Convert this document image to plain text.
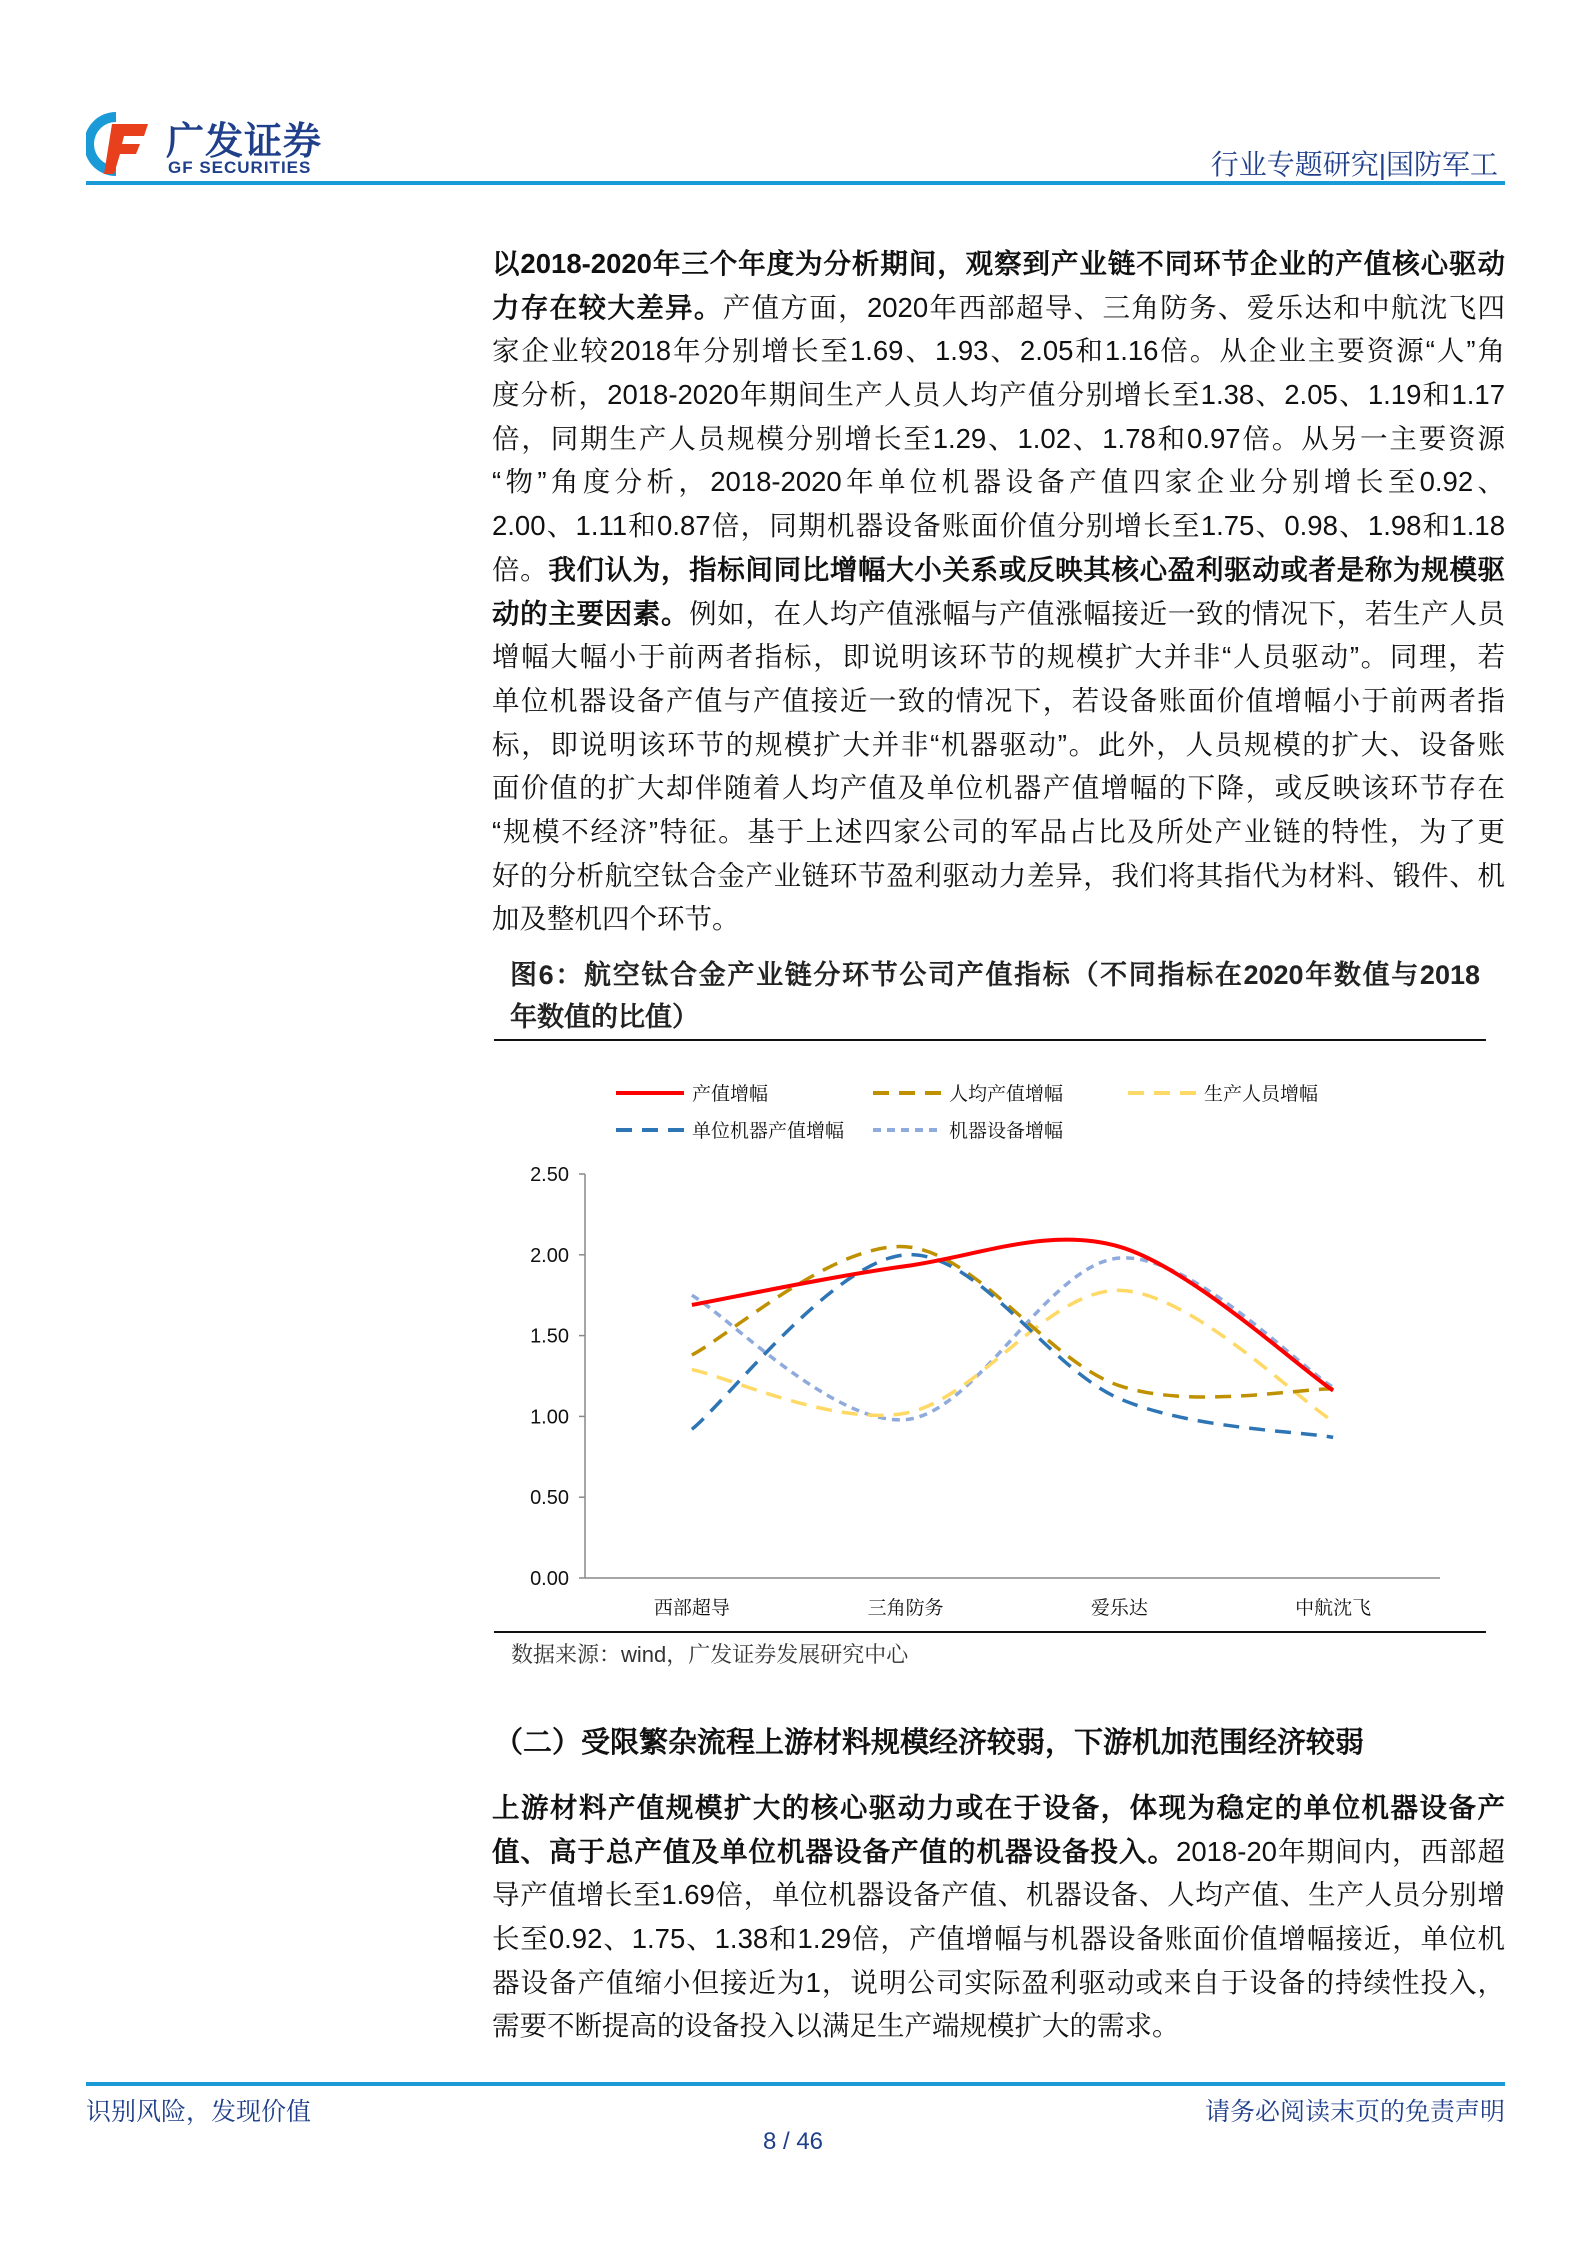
广发证券
GF SECURITIES	行业专题研究|国防军工
以2018-2020年三个年度为分析期间，观察到产业链不同环节企业的产值核心驱动
力存在较大差异。产值方面，2020年西部超导、三角防务、爱乐达和中航沈飞四
家企业较2018年分别增长至1.69、1.93、2.05和1.16倍。从企业主要资源“人”角
度分析，2018-2020年期间生产人员人均产值分别增长至1.38、2.05、1.19和1.17
倍，同期生产人员规模分别增长至1.29、1.02、1.78和0.97倍。从另一主要资源
“物”角度分析，2018-2020年单位机器设备产值四家企业分别增长至0.92、
2.00、1.11和0.87倍，同期机器设备账面价值分别增长至1.75、0.98、1.98和1.18
倍。我们认为，指标间同比增幅大小关系或反映其核心盈利驱动或者是称为规模驱
动的主要因素。例如，在人均产值涨幅与产值涨幅接近一致的情况下，若生产人员
增幅大幅小于前两者指标，即说明该环节的规模扩大并非“人员驱动”。同理，若
单位机器设备产值与产值接近一致的情况下，若设备账面价值增幅小于前两者指
标，即说明该环节的规模扩大并非“机器驱动”。此外，人员规模的扩大、设备账
面价值的扩大却伴随着人均产值及单位机器产值增幅的下降，或反映该环节存在
“规模不经济”特征。基于上述四家公司的军品占比及所处产业链的特性，为了更
好的分析航空钛合金产业链环节盈利驱动力差异，我们将其指代为材料、锻件、机
加及整机四个环节。
图6：航空钛合金产业链分环节公司产值指标（不同指标在2020年数值与2018
年数值的比值）
0.00
0.50
1.00
1.50
2.00
2.50
西部超导	三角防务	爱乐达	中航沈飞
产值增幅	人均产值增幅	生产人员增幅
单位机器产值增幅	机器设备增幅
数据来源：wind，广发证券发展研究中心
（二）受限繁杂流程上游材料规模经济较弱，下游机加范围经济较弱
上游材料产值规模扩大的核心驱动力或在于设备，体现为稳定的单位机器设备产
值、高于总产值及单位机器设备产值的机器设备投入。2018-20年期间内，西部超
导产值增长至1.69倍，单位机器设备产值、机器设备、人均产值、生产人员分别增
长至0.92、1.75、1.38和1.29倍，产值增幅与机器设备账面价值增幅接近，单位机
器设备产值缩小但接近为1，说明公司实际盈利驱动或来自于设备的持续性投入，
需要不断提高的设备投入以满足生产端规模扩大的需求。
识别风险，发现价值	请务必阅读末页的免责声明
8 / 46
